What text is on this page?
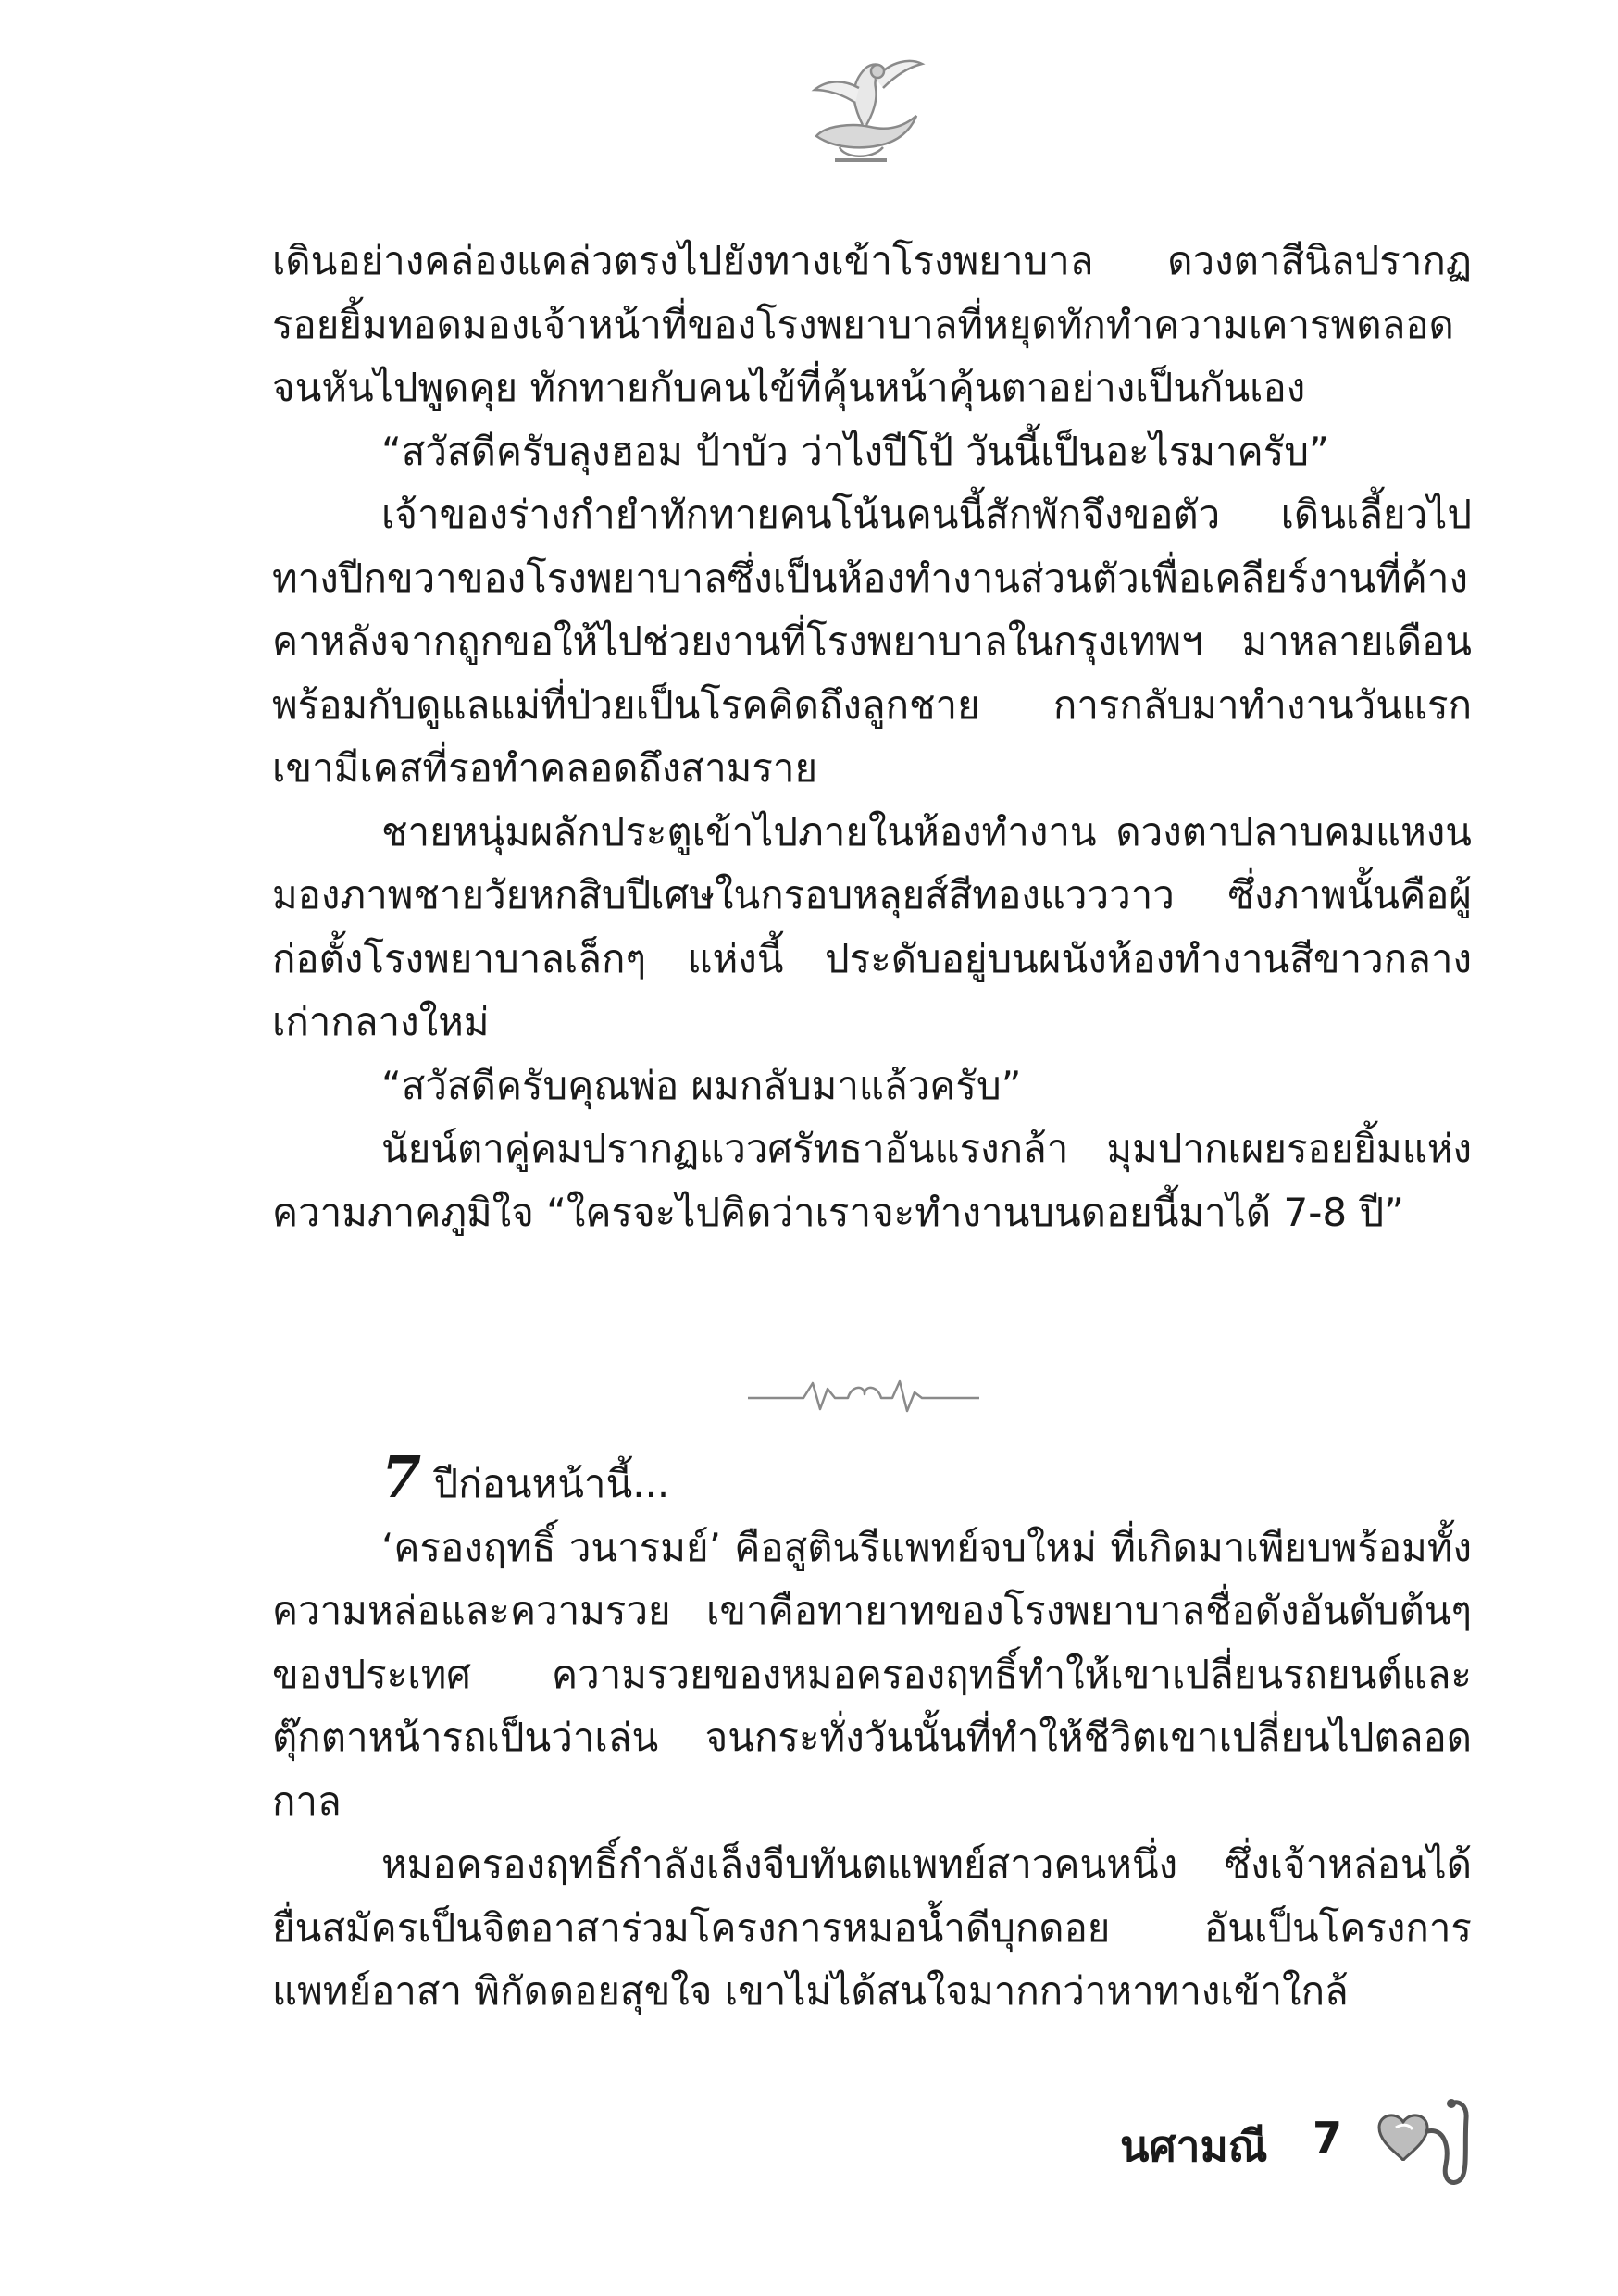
เดินอย่างคล่องแคล่วตรงไปยังทางเข้าโรงพยาบาล ดวงตาสีนิลปรากฏรอยยิ้มทอดมองเจ้าหน้าที่ของโรงพยาบาลที่หยุดทักทำความเคารพตลอดจนหันไปพูดคุย ทักทายกับคนไข้ที่คุ้นหน้าคุ้นตาอย่างเป็นกันเอง

“สวัสดีครับลุงฮอม ป้าบัว ว่าไงปีโป้ วันนี้เป็นอะไรมาครับ”

เจ้าของร่างกำยำทักทายคนโน้นคนนี้สักพักจึงขอตัว เดินเลี้ยวไปทางปีกขวาของโรงพยาบาลซึ่งเป็นห้องทำงานส่วนตัวเพื่อเคลียร์งานที่ค้างคาหลังจากถูกขอให้ไปช่วยงานที่โรงพยาบาลในกรุงเทพฯ มาหลายเดือนพร้อมกับดูแลแม่ที่ป่วยเป็นโรคคิดถึงลูกชาย การกลับมาทำงานวันแรก เขามีเคสที่รอทำคลอดถึงสามราย

ชายหนุ่มผลักประตูเข้าไปภายในห้องทำงาน ดวงตาปลาบคมแหงนมองภาพชายวัยหกสิบปีเศษในกรอบหลุยส์สีทองแวววาว ซึ่งภาพนั้นคือผู้ก่อตั้งโรงพยาบาลเล็กๆ แห่งนี้ ประดับอยู่บนผนังห้องทำงานสีขาวกลางเก่ากลางใหม่

“สวัสดีครับคุณพ่อ ผมกลับมาแล้วครับ”

นัยน์ตาคู่คมปรากฏแววศรัทธาอันแรงกล้า มุมปากเผยรอยยิ้มแห่งความภาคภูมิใจ “ใครจะไปคิดว่าเราจะทำงานบนดอยนี้มาได้ 7-8 ปี”

7 ปีก่อนหน้านี้...

‘ครองฤทธิ์ วนารมย์’ คือสูตินรีแพทย์จบใหม่ ที่เกิดมาเพียบพร้อมทั้งความหล่อและความรวย เขาคือทายาทของโรงพยาบาลชื่อดังอันดับต้นๆ ของประเทศ ความรวยของหมอครองฤทธิ์ทำให้เขาเปลี่ยนรถยนต์และตุ๊กตาหน้ารถเป็นว่าเล่น จนกระทั่งวันนั้นที่ทำให้ชีวิตเขาเปลี่ยนไปตลอดกาล

หมอครองฤทธิ์กำลังเล็งจีบทันตแพทย์สาวคนหนึ่ง ซึ่งเจ้าหล่อนได้ยื่นสมัครเป็นจิตอาสาร่วมโครงการหมอน้ำดีบุกดอย อันเป็นโครงการแพทย์อาสา พิกัดดอยสุขใจ เขาไม่ได้สนใจมากกว่าหาทางเข้าใกล้

นศามณี 7
